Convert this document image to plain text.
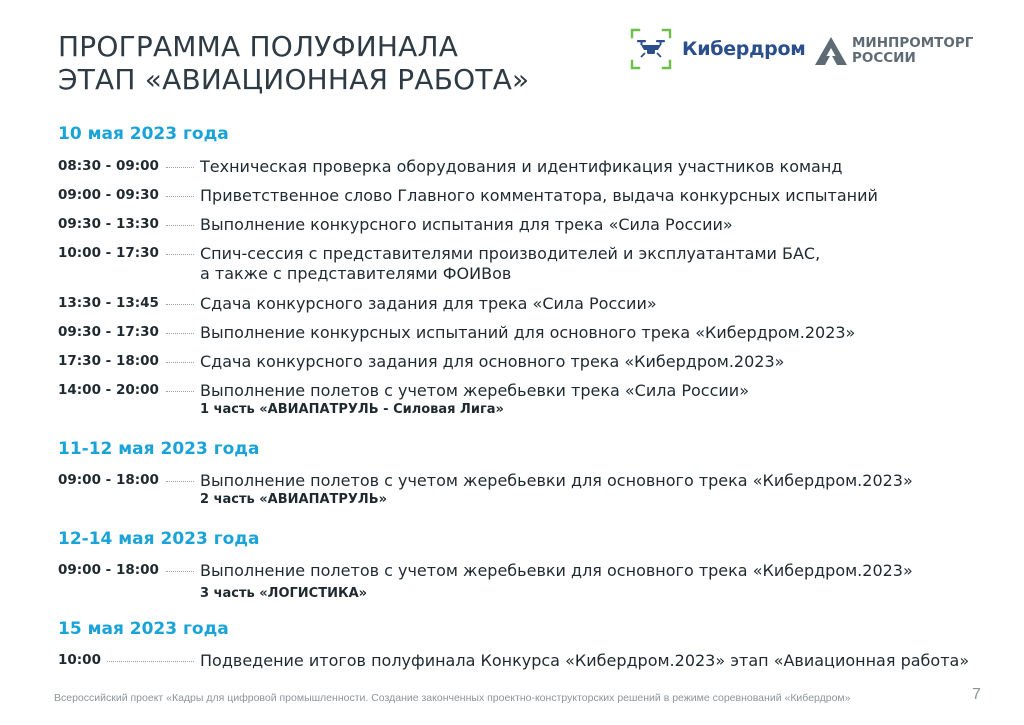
ПРОГРАММА ПОЛУФИНАЛА
ЭТАП «АВИАЦИОННАЯ РАБОТА»
Кибердром	МИНПРОМТОРГ
РОССИИ
10 мая 2023 года
08:30 - 09:00	Техническая проверка оборудования и идентификация участников команд
09:00 - 09:30	Приветственное слово Главного комментатора, выдача конкурсных испытаний
09:30 - 13:30	Выполнение конкурсного испытания для трека «Сила России»
10:00 - 17:30	Спич-сессия с представителями производителей и эксплуатантами БАС,
а также с представителями ФОИВов
13:30 - 13:45	Сдача конкурсного задания для трека «Сила России»
09:30 - 17:30	Выполнение конкурсных испытаний для основного трека «Кибердром.2023»
17:30 - 18:00	Сдача конкурсного задания для основного трека «Кибердром.2023»
14:00 - 20:00	Выполнение полетов с учетом жеребьевки трека «Сила России»
1 часть «АВИАПАТРУЛЬ - Силовая Лига»
11-12 мая 2023 года
09:00 - 18:00	Выполнение полетов с учетом жеребьевки для основного трека «Кибердром.2023»
2 часть «АВИАПАТРУЛЬ»
12-14 мая 2023 года
09:00 - 18:00	Выполнение полетов с учетом жеребьевки для основного трека «Кибердром.2023»
3 часть «ЛОГИСТИКА»
15 мая 2023 года
10:00	Подведение итогов полуфинала Конкурса «Кибердром.2023» этап «Авиационная работа»
Всероссийский проект «Кадры для цифровой промышленности. Создание законченных проектно-конструкторских решений в режиме соревнований «Кибердром»	7
